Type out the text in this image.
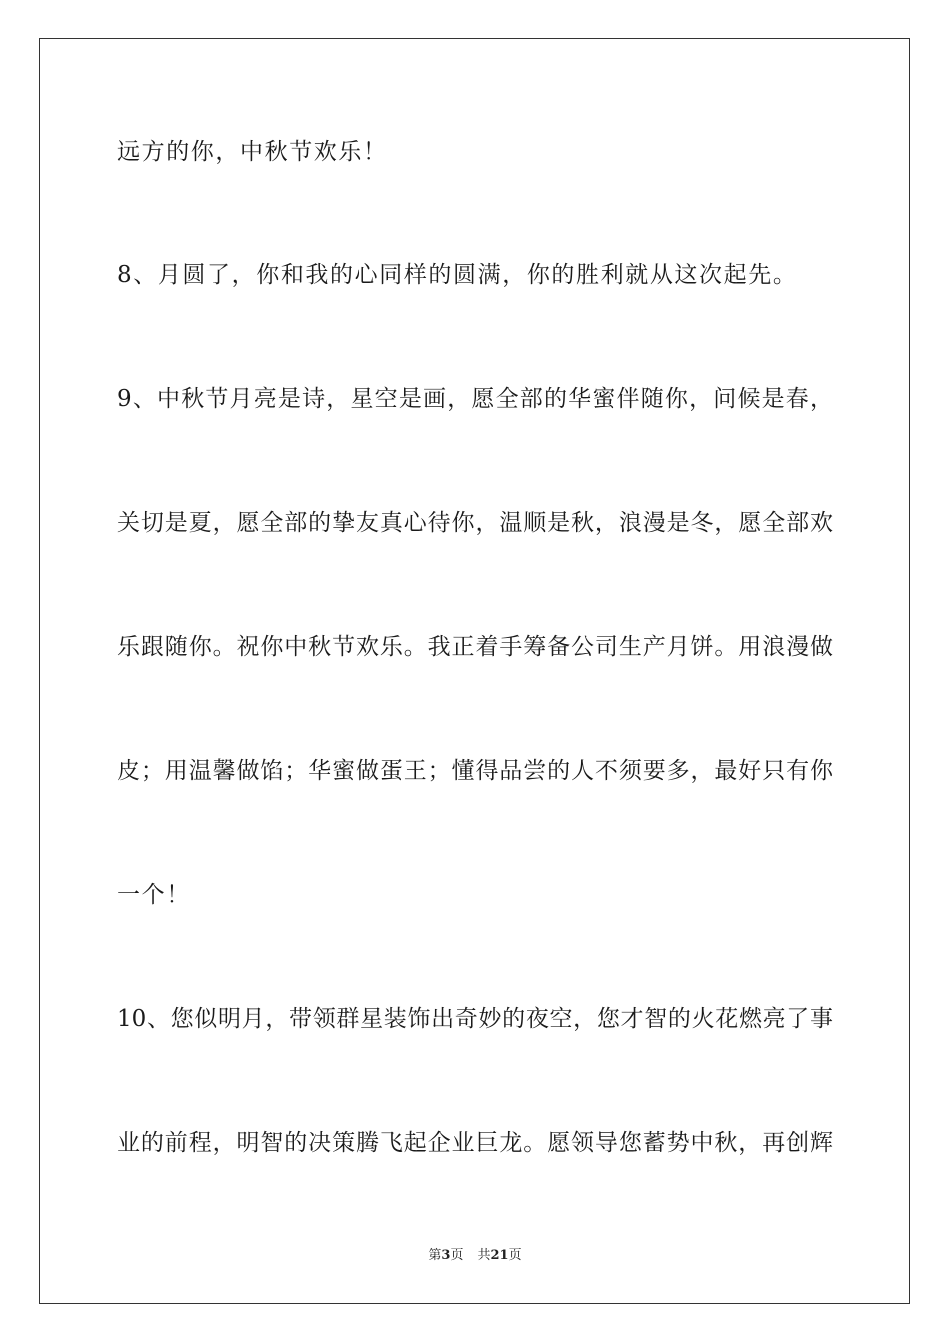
远方的你，中秋节欢乐！
8、月圆了，你和我的心同样的圆满，你的胜利就从这次起先。
9、中秋节月亮是诗，星空是画，愿全部的华蜜伴随你，问候是春，
关切是夏，愿全部的挚友真心待你，温顺是秋，浪漫是冬，愿全部欢
乐跟随你。祝你中秋节欢乐。我正着手筹备公司生产月饼。用浪漫做
皮；用温馨做馅；华蜜做蛋王；懂得品尝的人不须要多，最好只有你
一个！
10、您似明月，带领群星装饰出奇妙的夜空，您才智的火花燃亮了事
业的前程，明智的决策腾飞起企业巨龙。愿领导您蓄势中秋，再创辉
第3页 共21页
